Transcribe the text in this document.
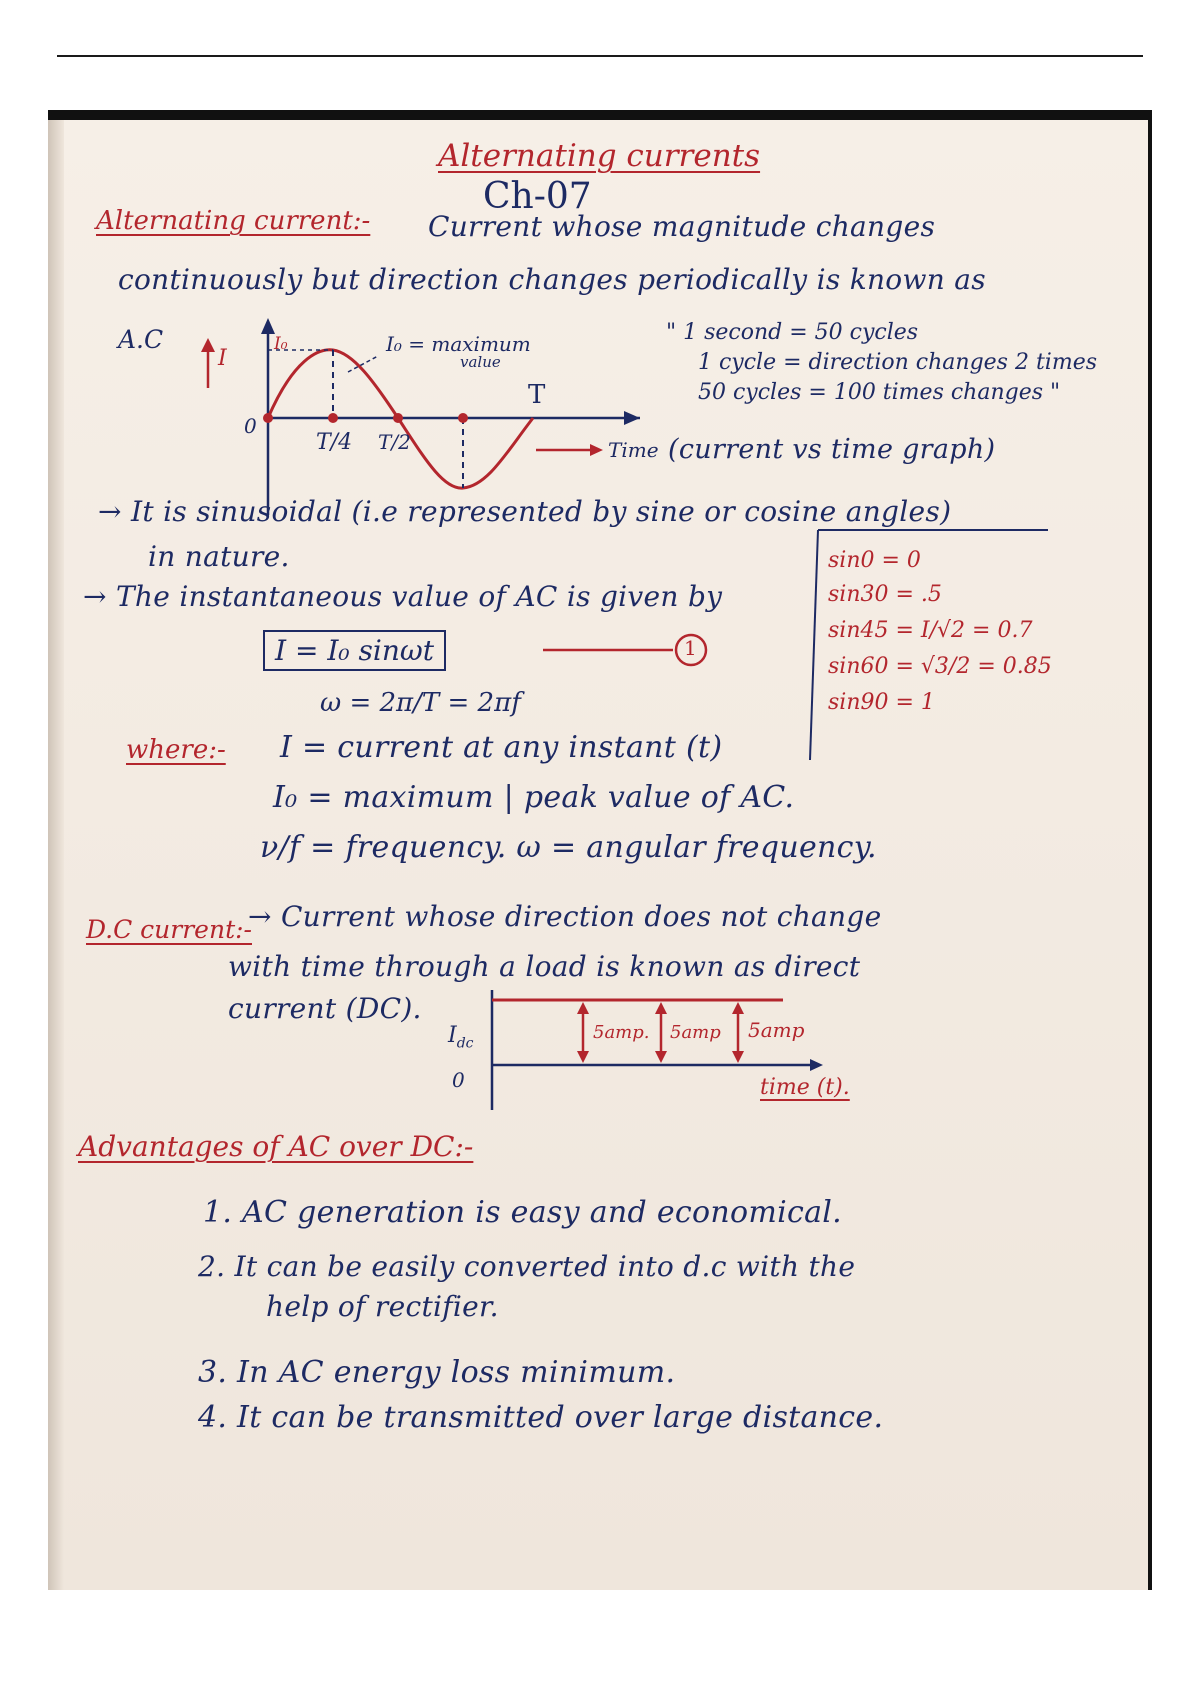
Alternating currents
Ch-07
Alternating current:- Current whose magnitude changes
continuously but direction changes periodically is known as
A.C
I
I₀	I₀ = maximum
value
0
T/4 T/2
T
Time (current vs time graph)
" 1 second = 50 cycles
1 cycle = direction changes 2 times
50 cycles = 100 times changes "
→ It is sinusoidal (i.e represented by sine or cosine angles)
in nature.	sin0 = 0
sin30 = .5
sin45 = I/√2 = 0.7
sin60 = √3/2 = 0.85
sin90 = 1
→ The instantaneous value of AC is given by
I = I₀ sinωt	1
ω = 2π/T = 2πf
where:- I = current at any instant (t)
I₀ = maximum | peak value of AC.
ν/f = frequency. ω = angular frequency.
D.C current:-
→ Current whose direction does not change
with time through a load is known as direct
current (DC).
$I_{dc}$
0
5amp. 5amp 5amp
time (t).
Advantages of AC over DC:-
1. AC generation is easy and economical.
2. It can be easily converted into d.c with the
help of rectifier.
3. In AC energy loss minimum.
4. It can be transmitted over large distance.
